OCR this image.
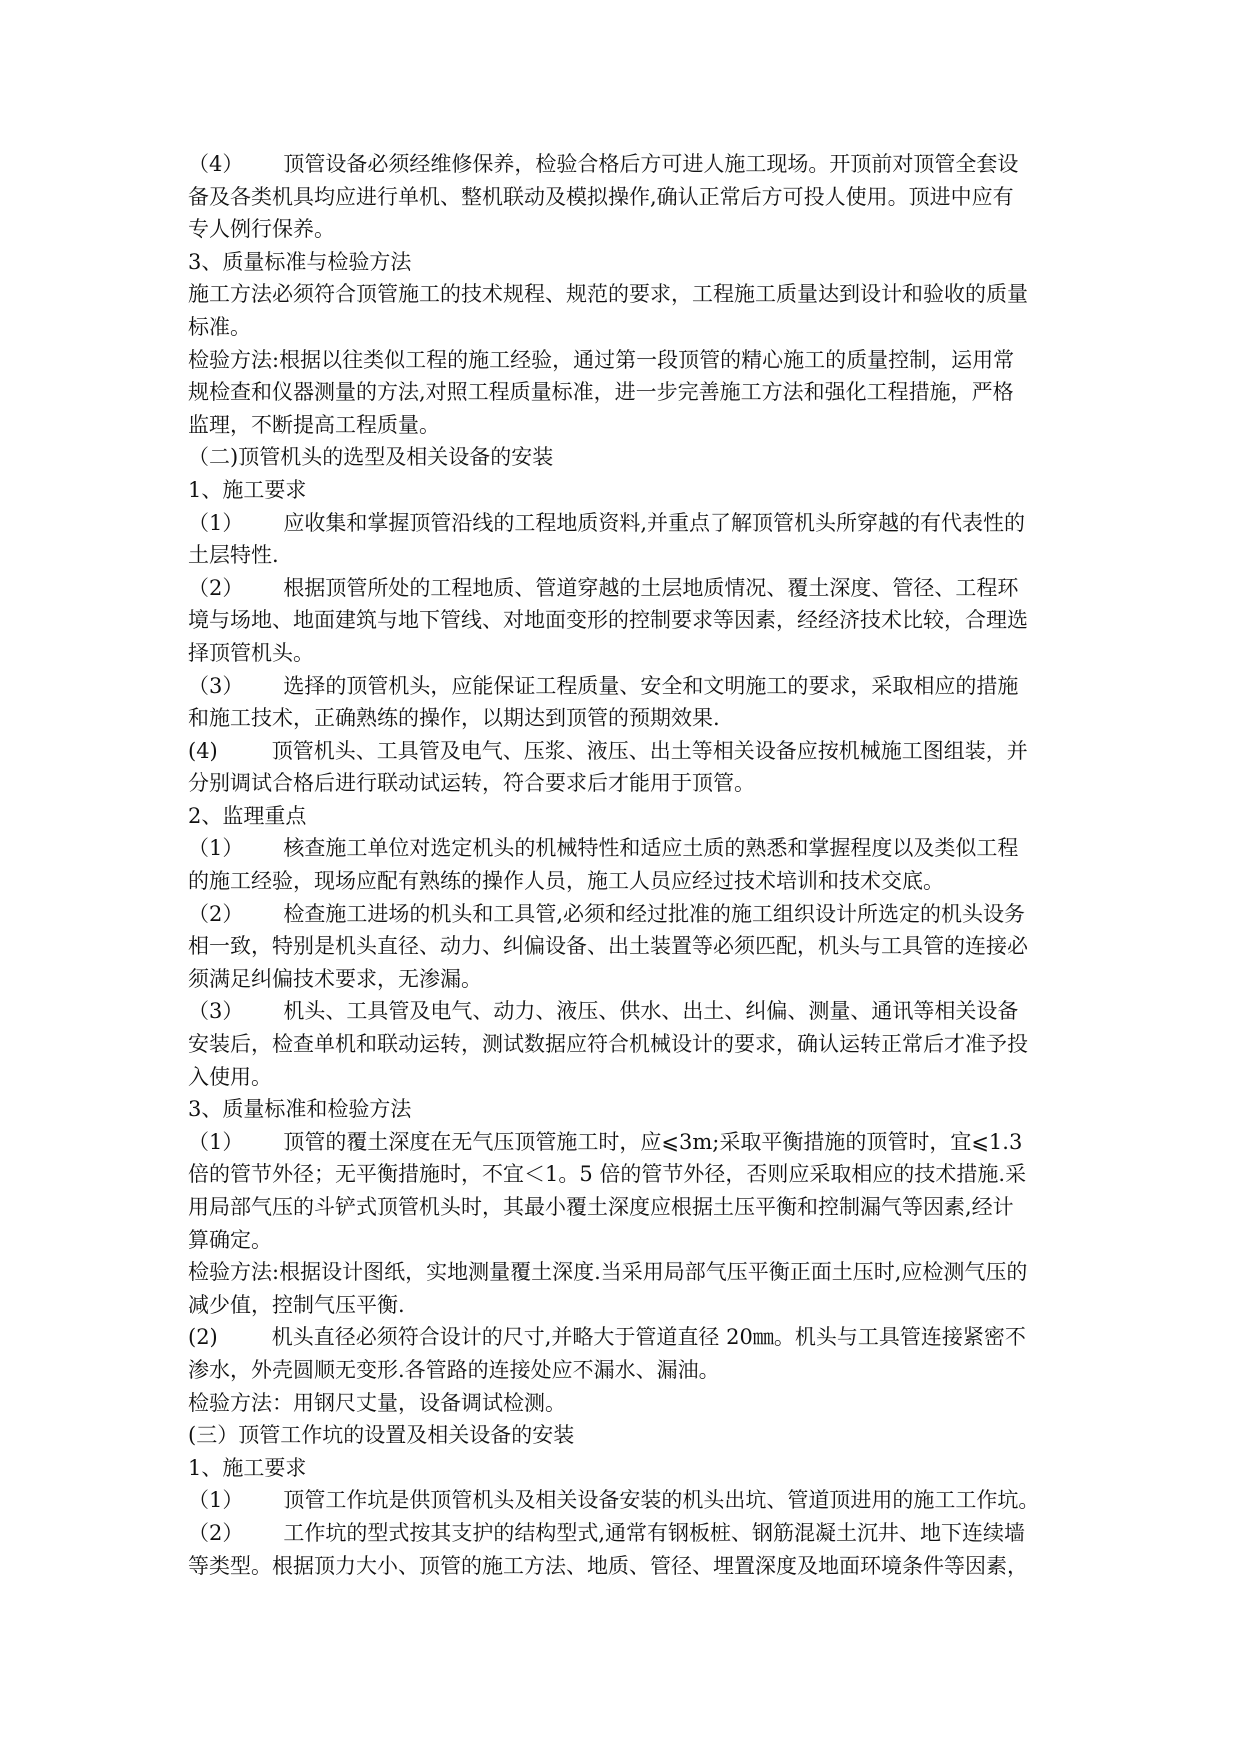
（4） 顶管设备必须经维修保养，检验合格后方可进人施工现场。开顶前对顶管全套设
备及各类机具均应进行单机、整机联动及模拟操作,确认正常后方可投人使用。顶进中应有
专人例行保养。
3、质量标准与检验方法
施工方法必须符合顶管施工的技术规程、规范的要求，工程施工质量达到设计和验收的质量
标准。
检验方法:根据以往类似工程的施工经验，通过第一段顶管的精心施工的质量控制，运用常
规检查和仪器测量的方法,对照工程质量标准，进一步完善施工方法和强化工程措施，严格
监理，不断提高工程质量。
（二)顶管机头的选型及相关设备的安装
1、施工要求
（1） 应收集和掌握顶管沿线的工程地质资料,并重点了解顶管机头所穿越的有代表性的
土层特性.
（2） 根据顶管所处的工程地质、管道穿越的土层地质情况、覆土深度、管径、工程环
境与场地、地面建筑与地下管线、对地面变形的控制要求等因素，经经济技术比较，合理选
择顶管机头。
（3） 选择的顶管机头，应能保证工程质量、安全和文明施工的要求，采取相应的措施
和施工技术，正确熟练的操作，以期达到顶管的预期效果.
(4)	顶管机头、工具管及电气、压浆、液压、出土等相关设备应按机械施工图组装，并
分别调试合格后进行联动试运转，符合要求后才能用于顶管。
2、监理重点
（1） 核查施工单位对选定机头的机械特性和适应土质的熟悉和掌握程度以及类似工程
的施工经验，现场应配有熟练的操作人员，施工人员应经过技术培训和技术交底。
（2） 检查施工进场的机头和工具管,必须和经过批准的施工组织设计所选定的机头设务
相一致，特别是机头直径、动力、纠偏设备、出土装置等必须匹配，机头与工具管的连接必
须满足纠偏技术要求，无渗漏。
（3） 机头、工具管及电气、动力、液压、供水、出土、纠偏、测量、通讯等相关设备
安装后，检查单机和联动运转，测试数据应符合机械设计的要求，确认运转正常后才准予投
入使用。
3、质量标准和检验方法
（1） 顶管的覆土深度在无气压顶管施工时，应⩽3m;采取平衡措施的顶管时，宜⩽1.3
倍的管节外径；无平衡措施时，不宜＜1。5 倍的管节外径，否则应采取相应的技术措施.采
用局部气压的斗铲式顶管机头时，其最小覆土深度应根据土压平衡和控制漏气等因素,经计
算确定。
检验方法:根据设计图纸，实地测量覆土深度.当采用局部气压平衡正面土压时,应检测气压的
减少值，控制气压平衡.
(2)	机头直径必须符合设计的尺寸,并略大于管道直径 20㎜。机头与工具管连接紧密不
渗水，外壳圆顺无变形.各管路的连接处应不漏水、漏油。
检验方法：用钢尺丈量，设备调试检测。
(三）顶管工作坑的设置及相关设备的安装
1、施工要求
（1） 顶管工作坑是供顶管机头及相关设备安装的机头出坑、管道顶进用的施工工作坑。
（2） 工作坑的型式按其支护的结构型式,通常有钢板桩、钢筋混凝土沉井、地下连续墙
等类型。根据顶力大小、顶管的施工方法、地质、管径、埋置深度及地面环境条件等因素，
